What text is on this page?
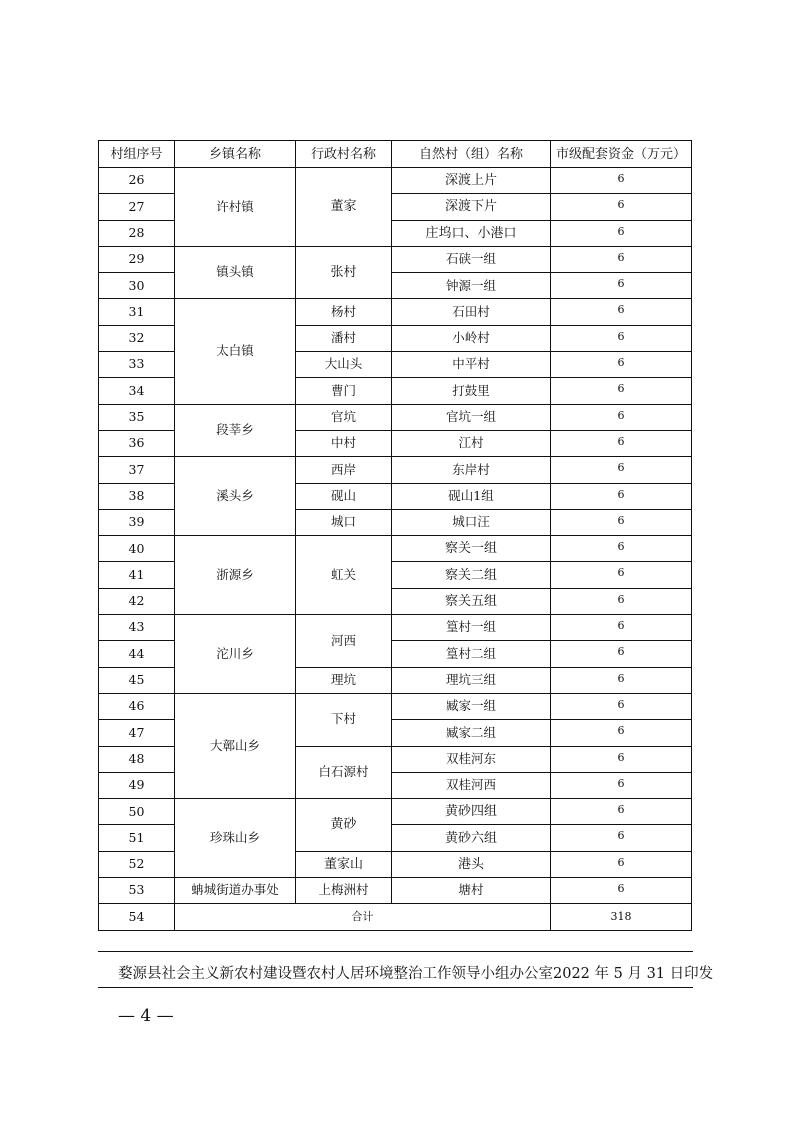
村组序号	乡镇名称	行政村名称	自然村（组）名称	市级配套资金（万元）
26	许村镇	董家	深渡上片	6
27			深渡下片	6
28			庄坞口、小港口	6
29	镇头镇	张村	石硖一组	6
30			钟源一组	6
31	太白镇	杨村	石田村	6
32		潘村	小岭村	6
33		大山头	中平村	6
34		曹门	打鼓里	6
35	段莘乡	官坑	官坑一组	6
36		中村	江村	6
37	溪头乡	西岸	东岸村	6
38		砚山	砚山1组	6
39		城口	城口汪	6
40	浙源乡	虹关	察关一组	6
41			察关二组	6
42			察关五组	6
43	沱川乡	河西	篁村一组	6
44			篁村二组	6
45		理坑	理坑三组	6
46	大鄣山乡	下村	臧家一组	6
47			臧家二组	6
48		白石源村	双桂河东	6
49			双桂河西	6
50	珍珠山乡	黄砂	黄砂四组	6
51			黄砂六组	6
52		董家山	港头	6
53	蚺城街道办事处	上梅洲村	塘村	6
54	合计			318
婺源县社会主义新农村建设暨农村人居环境整治工作领导小组办公室 2022 年 5 月 31 日印发
— 4 —
